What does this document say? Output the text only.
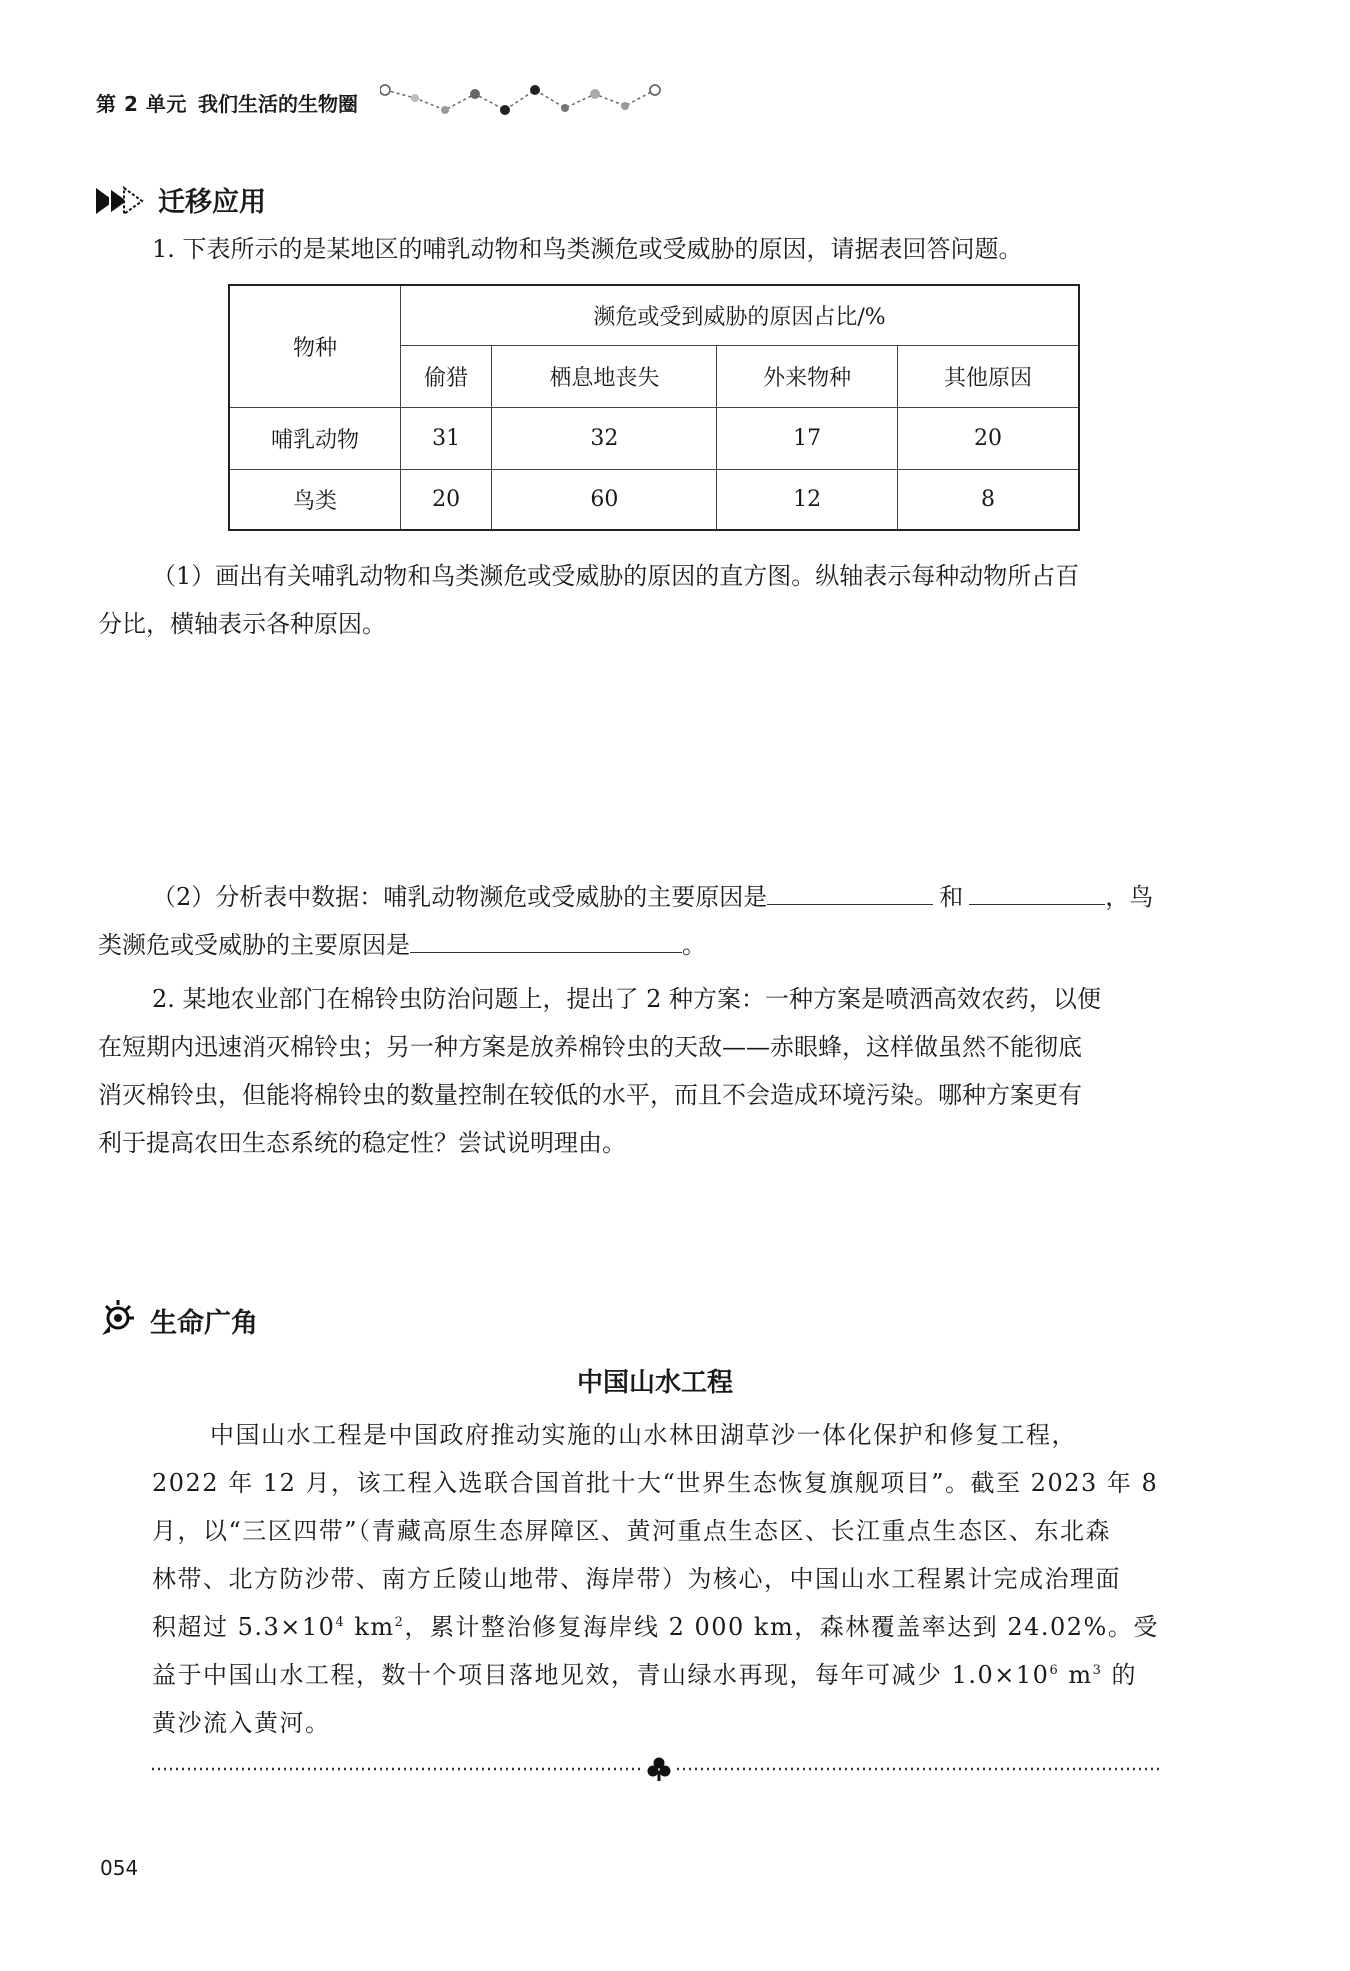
第 2 单元 我们生活的生物圈
迁移应用
1. 下表所示的是某地区的哺乳动物和鸟类濒危或受威胁的原因，请据表回答问题。
物种	濒危或受到威胁的原因占比/%			
	偷猎	栖息地丧失	外来物种	其他原因
哺乳动物	31	32	17	20
鸟类	20	60	12	8
（1）画出有关哺乳动物和鸟类濒危或受威胁的原因的直方图。纵轴表示每种动物所占百
分比，横轴表示各种原因。
（2）分析表中数据：哺乳动物濒危或受威胁的主要原因是	和	，鸟
类濒危或受威胁的主要原因是	。
2. 某地农业部门在棉铃虫防治问题上，提出了 2 种方案：一种方案是喷洒高效农药，以便
在短期内迅速消灭棉铃虫；另一种方案是放养棉铃虫的天敌——赤眼蜂，这样做虽然不能彻底
消灭棉铃虫，但能将棉铃虫的数量控制在较低的水平，而且不会造成环境污染。哪种方案更有
利于提高农田生态系统的稳定性？尝试说明理由。
生命广角
中国山水工程
中国山水工程是中国政府推动实施的山水林田湖草沙一体化保护和修复工程，
2022 年 12 月，该工程入选联合国首批十大“世界生态恢复旗舰项目”。截至 2023 年 8
月，以“三区四带”（青藏高原生态屏障区、黄河重点生态区、长江重点生态区、东北森
林带、北方防沙带、南方丘陵山地带、海岸带）为核心，中国山水工程累计完成治理面
积超过 $5.3\times 10^4$ $km^2$，累计整治修复海岸线 2 000 km，森林覆盖率达到 24.02%。受
益于中国山水工程，数十个项目落地见效，青山绿水再现，每年可减少 $1.0\times 10^6$ $m^3$ 的
黄沙流入黄河。
054
